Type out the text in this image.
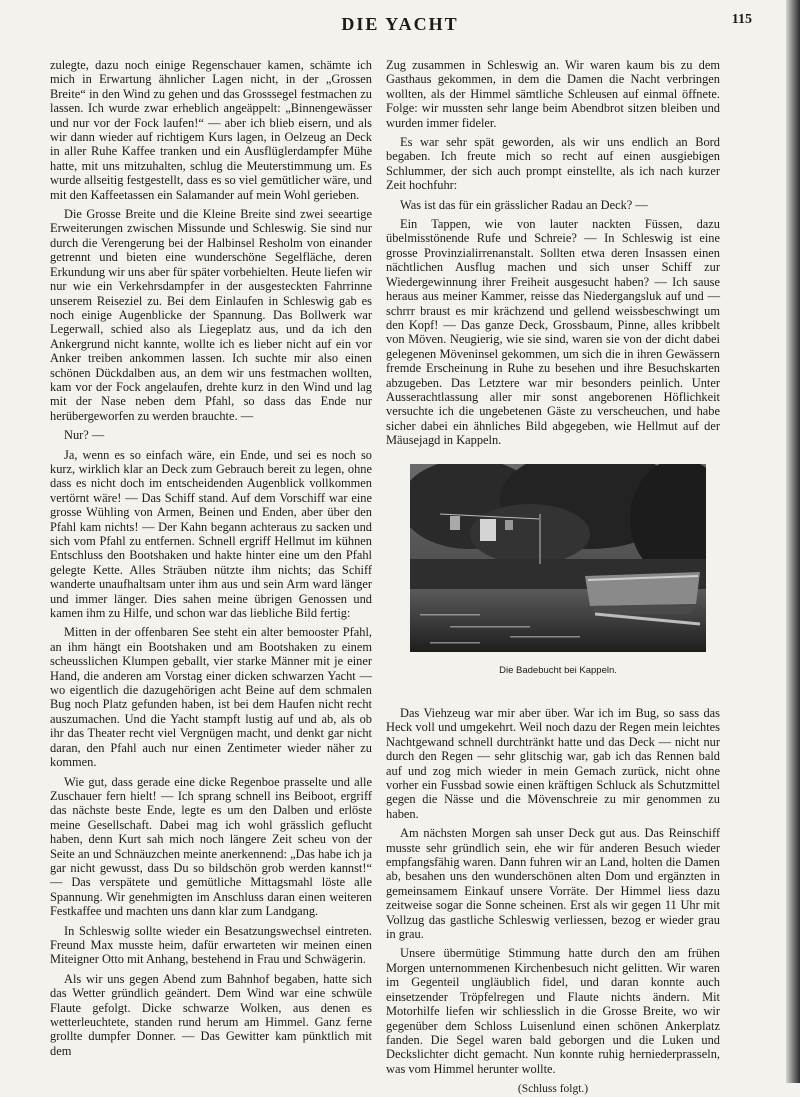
DIE YACHT	115

zulegte, dazu noch einige Regenschauer kamen, schämte ich mich in Erwartung ähnlicher Lagen nicht, in der „Grossen Breite“ in den Wind zu gehen und das Grosssegel festmachen zu lassen. Ich wurde zwar erheblich angeäppelt: „Binnengewässer und nur vor der Fock laufen!“ — aber ich blieb eisern, und als wir dann wieder auf richtigem Kurs lagen, in Oelzeug an Deck in aller Ruhe Kaffee tranken und ein Ausflüglerdampfer Mühe hatte, mit uns mitzuhalten, schlug die Meuterstimmung um. Es wurde allseitig festgestellt, dass es so viel gemütlicher wäre, und mit den Kaffeetassen ein Salamander auf mein Wohl gerieben.

Die Grosse Breite und die Kleine Breite sind zwei seeartige Erweiterungen zwischen Missunde und Schleswig. Sie sind nur durch die Verengerung bei der Halbinsel Resholm von einander getrennt und bieten eine wunderschöne Segelfläche, deren Erkundung wir uns aber für später vorbehielten. Heute liefen wir nur wie ein Verkehrsdampfer in der ausgesteckten Fahrrinne unserem Reiseziel zu. Bei dem Einlaufen in Schleswig gab es noch einige Augenblicke der Spannung. Das Bollwerk war Legerwall, schied also als Liegeplatz aus, und da ich den Ankergrund nicht kannte, wollte ich es lieber nicht auf ein vor Anker treiben ankommen lassen. Ich suchte mir also einen schönen Dückdalben aus, an dem wir uns festmachen wollten, kam vor der Fock angelaufen, drehte kurz in den Wind und lag mit der Nase neben dem Pfahl, so dass das Ende nur herübergeworfen zu werden brauchte. —

Nur? —

Ja, wenn es so einfach wäre, ein Ende, und sei es noch so kurz, wirklich klar an Deck zum Gebrauch bereit zu legen, ohne dass es nicht doch im entscheidenden Augenblick vollkommen vertörnt wäre! — Das Schiff stand. Auf dem Vorschiff war eine grosse Wühling von Armen, Beinen und Enden, aber über den Pfahl kam nichts! — Der Kahn begann achteraus zu sacken und sich vom Pfahl zu entfernen. Schnell ergriff Hellmut im kühnen Entschluss den Bootshaken und hakte hinter eine um den Pfahl gelegte Kette. Alles Sträuben nützte ihm nichts; das Schiff wanderte unaufhaltsam unter ihm aus und sein Arm ward länger und immer länger. Dies sahen meine übrigen Genossen und kamen ihm zu Hilfe, und schon war das liebliche Bild fertig:

Mitten in der offenbaren See steht ein alter bemooster Pfahl, an ihm hängt ein Bootshaken und am Bootshaken zu einem scheusslichen Klumpen geballt, vier starke Männer mit je einer Hand, die anderen am Vorstag einer dicken schwarzen Yacht — wo eigentlich die dazugehörigen acht Beine auf dem schmalen Bug noch Platz gefunden haben, ist bei dem Haufen nicht recht auszumachen. Und die Yacht stampft lustig auf und ab, als ob ihr das Theater recht viel Vergnügen macht, und denkt gar nicht daran, den Pfahl auch nur einen Zentimeter wieder näher zu kommen.

Wie gut, dass gerade eine dicke Regenboe prasselte und alle Zuschauer fern hielt! — Ich sprang schnell ins Beiboot, ergriff das nächste beste Ende, legte es um den Dalben und erlöste meine Gesellschaft. Dabei mag ich wohl grässlich geflucht haben, denn Kurt sah mich noch längere Zeit scheu von der Seite an und Schnäuzchen meinte anerkennend: „Das habe ich ja gar nicht gewusst, dass Du so bildschön grob werden kannst!“ — Das verspätete und gemütliche Mittagsmahl löste alle Spannung. Wir genehmigten im Anschluss daran einen weiteren Festkaffee und machten uns dann klar zum Landgang.

In Schleswig sollte wieder ein Besatzungswechsel eintreten. Freund Max musste heim, dafür erwarteten wir meinen einen Miteigner Otto mit Anhang, bestehend in Frau und Schwägerin.

Als wir uns gegen Abend zum Bahnhof begaben, hatte sich das Wetter gründlich geändert. Dem Wind war eine schwüle Flaute gefolgt. Dicke schwarze Wolken, aus denen es wetterleuchtete, standen rund herum am Himmel. Ganz ferne grollte dumpfer Donner. — Das Gewitter kam pünktlich mit dem

Zug zusammen in Schleswig an. Wir waren kaum bis zu dem Gasthaus gekommen, in dem die Damen die Nacht verbringen wollten, als der Himmel sämtliche Schleusen auf einmal öffnete. Folge: wir mussten sehr lange beim Abendbrot sitzen bleiben und wurden immer fideler.

Es war sehr spät geworden, als wir uns endlich an Bord begaben. Ich freute mich so recht auf einen ausgiebigen Schlummer, der sich auch prompt einstellte, als ich nach kurzer Zeit hochfuhr:

Was ist das für ein grässlicher Radau an Deck? —

Ein Tappen, wie von lauter nackten Füssen, dazu übelmisstönende Rufe und Schreie? — In Schleswig ist eine grosse Provinzialirrenanstalt. Sollten etwa deren Insassen einen nächtlichen Ausflug machen und sich unser Schiff zur Wiedergewinnung ihrer Freiheit ausgesucht haben? — Ich sause heraus aus meiner Kammer, reisse das Niedergangsluk auf und — schrrr braust es mir krächzend und gellend weissbeschwingt um den Kopf! — Das ganze Deck, Grossbaum, Pinne, alles kribbelt von Möven. Neugierig, wie sie sind, waren sie von der dicht dabei gelegenen Möveninsel gekommen, um sich die in ihren Gewässern fremde Erscheinung in Ruhe zu besehen und ihre Besuchskarten abzugeben. Das Letztere war mir besonders peinlich. Unter Ausserachtlassung aller mir sonst angeborenen Höflichkeit versuchte ich die ungebetenen Gäste zu verscheuchen, und habe sicher dabei ein ähnliches Bild abgegeben, wie Hellmut auf der Mäusejagd in Kappeln.

Die Badebucht bei Kappeln.

Das Viehzeug war mir aber über. War ich im Bug, so sass das Heck voll und umgekehrt. Weil noch dazu der Regen mein leichtes Nachtgewand schnell durchtränkt hatte und das Deck — nicht nur durch den Regen — sehr glitschig war, gab ich das Rennen bald auf und zog mich wieder in mein Gemach zurück, nicht ohne vorher ein Fussbad sowie einen kräftigen Schluck als Schutzmittel gegen die Nässe und die Mövenschreie zu mir genommen zu haben.

Am nächsten Morgen sah unser Deck gut aus. Das Reinschiff musste sehr gründlich sein, ehe wir für anderen Besuch wieder empfangsfähig waren. Dann fuhren wir an Land, holten die Damen ab, besahen uns den wunderschönen alten Dom und ergänzten in gemeinsamem Einkauf unsere Vorräte. Der Himmel liess dazu zeitweise sogar die Sonne scheinen. Erst als wir gegen 11 Uhr mit Vollzug das gastliche Schleswig verliessen, bezog er wieder grau in grau.

Unsere übermütige Stimmung hatte durch den am frühen Morgen unternommenen Kirchenbesuch nicht gelitten. Wir waren im Gegenteil ungläublich fidel, und daran konnte auch einsetzender Tröpfelregen und Flaute nichts ändern. Mit Motorhilfe liefen wir schliesslich in die Grosse Breite, wo wir gegenüber dem Schloss Luisenlund einen schönen Ankerplatz fanden. Die Segel waren bald geborgen und die Luken und Deckslichter dicht gemacht. Nun konnte ruhig herniederprasseln, was vom Himmel herunter wollte.

(Schluss folgt.)
